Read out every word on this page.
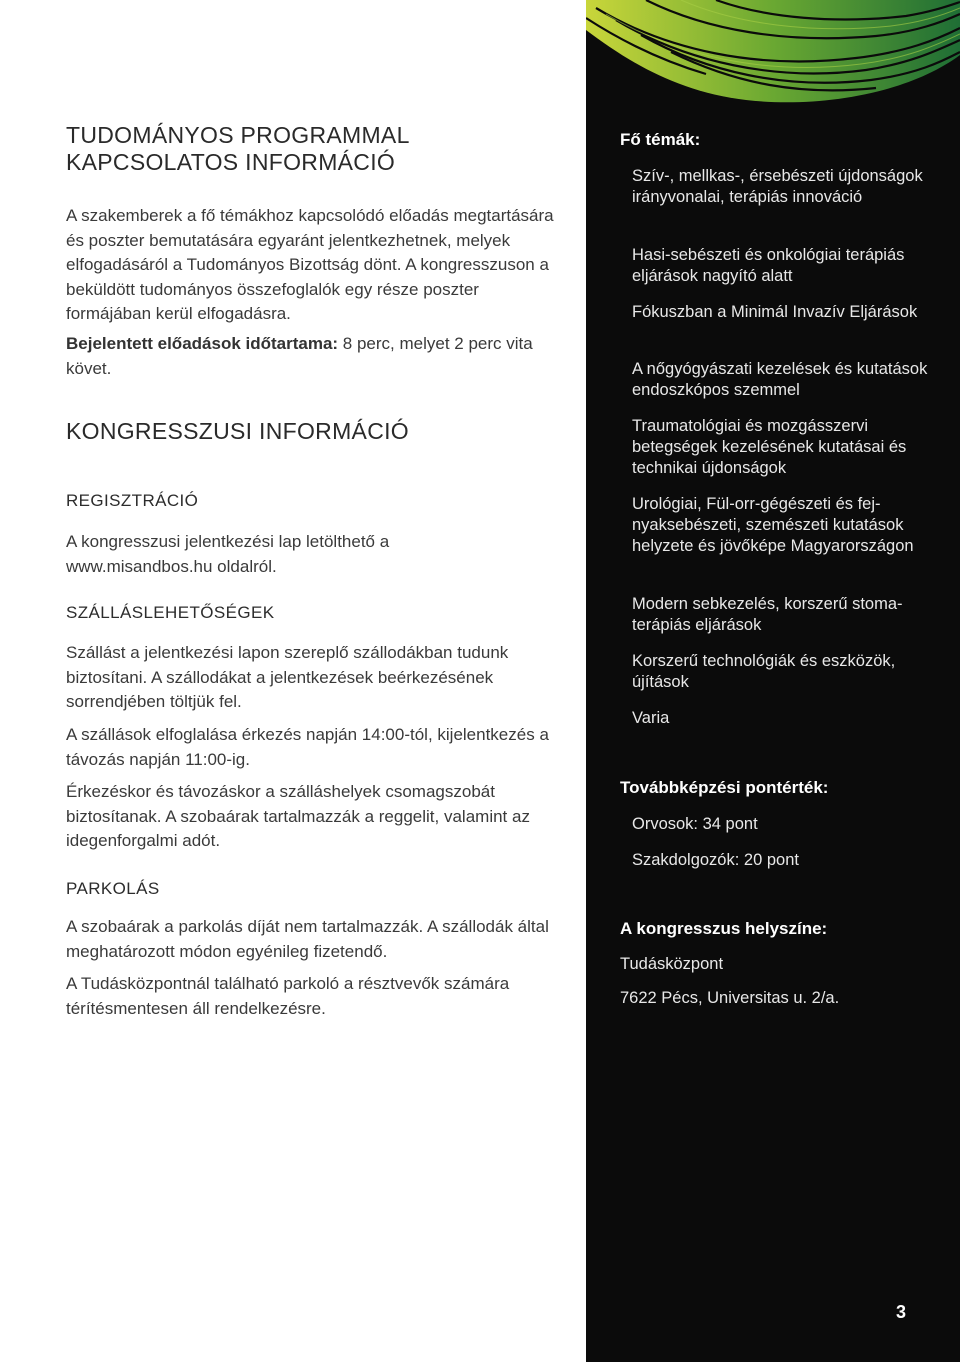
TUDOMÁNYOS PROGRAMMAL
KAPCSOLATOS INFORMÁCIÓ

A szakemberek a fő témákhoz kapcsolódó előadás megtartására és poszter bemutatására egyaránt jelentkezhetnek, melyek elfogadásáról a Tudományos Bizottság dönt. A kongresszuson a beküldött tudományos összefoglalók egy része poszter formájában kerül elfogadásra.

Bejelentett előadások időtartama: 8 perc, melyet 2 perc vita követ.

KONGRESSZUSI INFORMÁCIÓ
REGISZTRÁCIÓ

A kongresszusi jelentkezési lap letölthető a www.misandbos.hu oldalról.

SZÁLLÁSLEHETŐSÉGEK

Szállást a jelentkezési lapon szereplő szállodákban tudunk biztosítani. A szállodákat a jelentkezések beérkezésének sorrendjében töltjük fel.

A szállások elfoglalása érkezés napján 14:00-tól, kijelentkezés a távozás napján 11:00-ig.

Érkezéskor és távozáskor a szálláshelyek csomagszobát biztosítanak. A szobaárak tartalmazzák a reggelit, valamint az idegenforgalmi adót.

PARKOLÁS

A szobaárak a parkolás díját nem tartalmazzák. A szállodák által meghatározott módon egyénileg fizetendő.

A Tudásközpontnál található parkoló a résztvevők számára térítésmentesen áll rendelkezésre.

Fő témák:

Szív-, mellkas-, érsebészeti újdonságok irányvonalai, terápiás innováció

Hasi-sebészeti és onkológiai terápiás eljárások nagyító alatt

Fókuszban a Minimál Invazív Eljárások

A nőgyógyászati kezelések és kutatások endoszkópos szemmel

Traumatológiai és mozgásszervi betegségek kezelésének kutatásai és technikai újdonságok

Urológiai, Fül-orr-gégészeti és fej-nyaksebészeti, szemészeti kutatások helyzete és jövőképe Magyarországon

Modern sebkezelés, korszerű stoma-terápiás eljárások

Korszerű technológiák és eszközök, újítások

Varia

Továbbképzési pontérték:

Orvosok: 34 pont

Szakdolgozók: 20 pont

A kongresszus helyszíne:

Tudásközpont

7622 Pécs, Universitas u. 2/a.

3
